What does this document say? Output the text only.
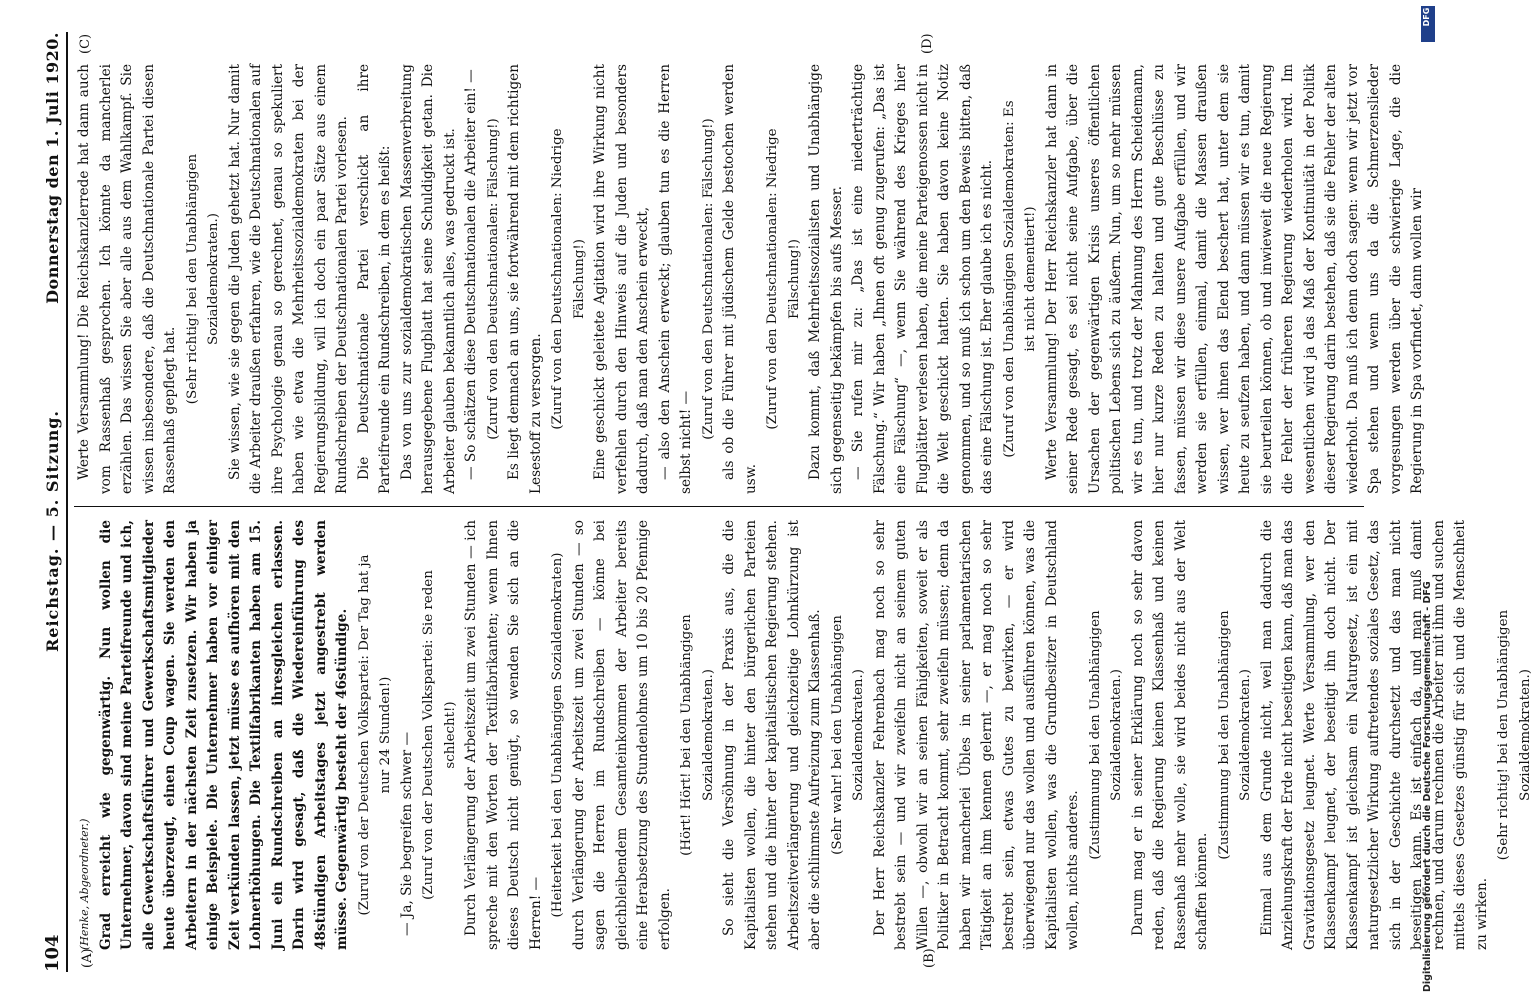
104
Reichstag. — 5. Sitzung.
Donnerstag den 1. Juli 1920.
(A)	(B)
(C)	(D)

(Henke, Abgeordneter.) Grad erreicht wie gegenwärtig. Nun wollen die Unternehmer, davon sind meine Parteifreunde und ich, alle Gewerkschaftsführer und Gewerkschaftsmitglieder heute überzeugt, einen Coup wagen. Sie werden den Arbeitern in der nächsten Zeit zusetzen. Wir haben ja einige Beispiele. Die Unternehmer haben vor einiger Zeit verkünden lassen, jetzt müsse es aufhören mit den Lohnerhöhungen. Die Textilfabrikanten haben am 15. Juni ein Rundschreiben an ihresgleichen erlassen. Darin wird gesagt, daß die Wiedereinführung des 48stündigen Arbeitstages jetzt angestrebt werden müsse. Gegenwärtig besteht der 46stündige. (Zuruf von der Deutschen Volkspartei: Der Tag hat ja nur 24 Stunden!) — Ja, Sie begreifen schwer — (Zuruf von der Deutschen Volkspartei: Sie reden schlecht!) Durch Verlängerung der Arbeitszeit um zwei Stunden — ich spreche mit den Worten der Textilfabrikanten; wenn Ihnen dieses Deutsch nicht genügt, so wenden Sie sich an die Herren! — (Heiterkeit bei den Unabhängigen Sozialdemokraten) durch Verlängerung der Arbeitszeit um zwei Stunden — so sagen die Herren im Rundschreiben — könne bei gleichbleibendem Gesamteinkommen der Arbeiter bereits eine Herabsetzung des Stundenlohnes um 10 bis 20 Pfennige erfolgen.

(Hört! Hört! bei den Unabhängigen Sozialdemokraten.) So sieht die Versöhnung in der Praxis aus, die die Kapitalisten wollen, die hinter den bürgerlichen Parteien stehen und die hinter der kapitalistischen Regierung stehen. Arbeitszeitverlängerung und gleichzeitige Lohnkürzung ist aber die schlimmste Aufreizung zum Klassenhaß. (Sehr wahr! bei den Unabhängigen Sozialdemokraten.) Der Herr Reichskanzler Fehrenbach mag noch so sehr bestrebt sein — und wir zweifeln nicht an seinem guten Willen —, obwohl wir an seinen Fähigkeiten, soweit er als Politiker in Betracht kommt, sehr zweifeln müssen; denn da haben wir mancherlei Übles in seiner parlamentarischen Tätigkeit an ihm kennen gelernt —, er mag noch so sehr bestrebt sein, etwas Gutes zu bewirken, — er wird überwiegend nur das wollen und ausführen können, was die Kapitalisten wollen, was die Grundbesitzer in Deutschland wollen, nichts anderes.

(Zustimmung bei den Unabhängigen Sozialdemokraten.) Darum mag er in seiner Erklärung noch so sehr davon reden, daß die Regierung keinen Klassenhaß und keinen Rassenhaß mehr wolle, sie wird beides nicht aus der Welt schaffen können.

(Zustimmung bei den Unabhängigen Sozialdemokraten.) Einmal aus dem Grunde nicht, weil man dadurch die Anziehungskraft der Erde nicht beseitigen kann, daß man das Gravitationsgesetz leugnet. Werte Versammlung, wer den Klassenkampf leugnet, der beseitigt ihn doch nicht. Der Klassenkampf ist gleichsam ein Naturgesetz, ist ein mit naturgesetzlicher Wirkung auftretendes soziales Gesetz, das sich in der Geschichte durchsetzt und das man nicht beseitigen kann. Es ist einfach da, und man muß damit rechnen, und darum rechnen die Arbeiter mit ihm und suchen mittels dieses Gesetzes günstig für sich und die Menschheit zu wirken.

(Sehr richtig! bei den Unabhängigen Sozialdemokraten.)

Werte Versammlung! Die Reichskanzlerrede hat dann auch vom Rassenhaß gesprochen. Ich könnte da mancherlei erzählen. Das wissen Sie aber alle aus dem Wahlkampf. Sie wissen insbesondere, daß die Deutschnationale Partei diesen Rassenhaß gepflegt hat.

(Sehr richtig! bei den Unabhängigen Sozialdemokraten.) Sie wissen, wie sie gegen die Juden gehetzt hat. Nur damit die Arbeiter draußen erfahren, wie die Deutschnationalen auf ihre Psychologie genau so gerechnet, genau so spekuliert haben wie etwa die Mehrheitssozialdemokraten bei der Regierungsbildung, will ich doch ein paar Sätze aus einem Rundschreiben der Deutschnationalen Partei vorlesen. Die Deutschnationale Partei verschickt an ihre Parteifreunde ein Rundschreiben, in dem es heißt: Das von uns zur sozialdemokratischen Massenverbreitung herausgegebene Flugblatt hat seine Schuldigkeit getan. Die Arbeiter glauben bekanntlich alles, was gedruckt ist. — So schätzen diese Deutschnationalen die Arbeiter ein! — (Zuruf von den Deutschnationalen: Fälschung!) Es liegt demnach an uns, sie fortwährend mit dem richtigen Lesestoff zu versorgen. (Zuruf von den Deutschnationalen: Niedrige Fälschung!) Eine geschickt geleitete Agitation wird ihre Wirkung nicht verfehlen durch den Hinweis auf die Juden und besonders dadurch, daß man den Anschein erweckt, — also den Anschein erweckt; glauben tun es die Herren selbst nicht! —

(Zuruf von den Deutschnationalen: Fälschung!) als ob die Führer mit jüdischem Gelde bestochen werden usw.

(Zuruf von den Deutschnationalen: Niedrige Fälschung!) Dazu kommt, daß Mehrheitssozialisten und Unabhängige sich gegenseitig bekämpfen bis aufs Messer. — Sie rufen mir zu: „Das ist eine niederträchtige Fälschung.“ Wir haben „Ihnen oft genug zugerufen: „Das ist eine Fälschung“ —, wenn Sie während des Krieges hier Flugblätter verlesen haben, die meine Parteigenossen nicht in die Welt geschickt hatten. Sie haben davon keine Notiz genommen, und so muß ich schon um den Beweis bitten, daß das eine Fälschung ist. Eher glaube ich es nicht. (Zuruf von den Unabhängigen Sozialdemokraten: Es ist nicht dementiert!) Werte Versammlung! Der Herr Reichskanzler hat dann in seiner Rede gesagt, es sei nicht seine Aufgabe, über die Ursachen der gegenwärtigen Krisis unseres öffentlichen politischen Lebens sich zu äußern. Nun, um so mehr müssen wir es tun, und trotz der Mahnung des Herrn Scheidemann, hier nur kurze Reden zu halten und gute Beschlüsse zu fassen, müssen wir diese unsere Aufgabe erfüllen, und wir werden sie erfüllen, einmal, damit die Massen draußen wissen, wer ihnen das Elend beschert hat, unter dem sie heute zu seufzen haben, und dann müssen wir es tun, damit sie beurteilen können, ob und inwieweit die neue Regierung die Fehler der früheren Regierung wiederholen wird. Im wesentlichen wird ja das Maß der Kontinuität in der Politik dieser Regierung darin bestehen, daß sie die Fehler der alten wiederholt. Da muß ich denn doch sagen: wenn wir jetzt vor Spa stehen und wenn uns da die Schmerzenslieder vorgesungen werden über die schwierige Lage, die die Regierung in Spa vorfindet, dann wollen wir

Digitalisierung gefördert durch die Deutsche Forschungsgemeinschaft - DFG
DFG
